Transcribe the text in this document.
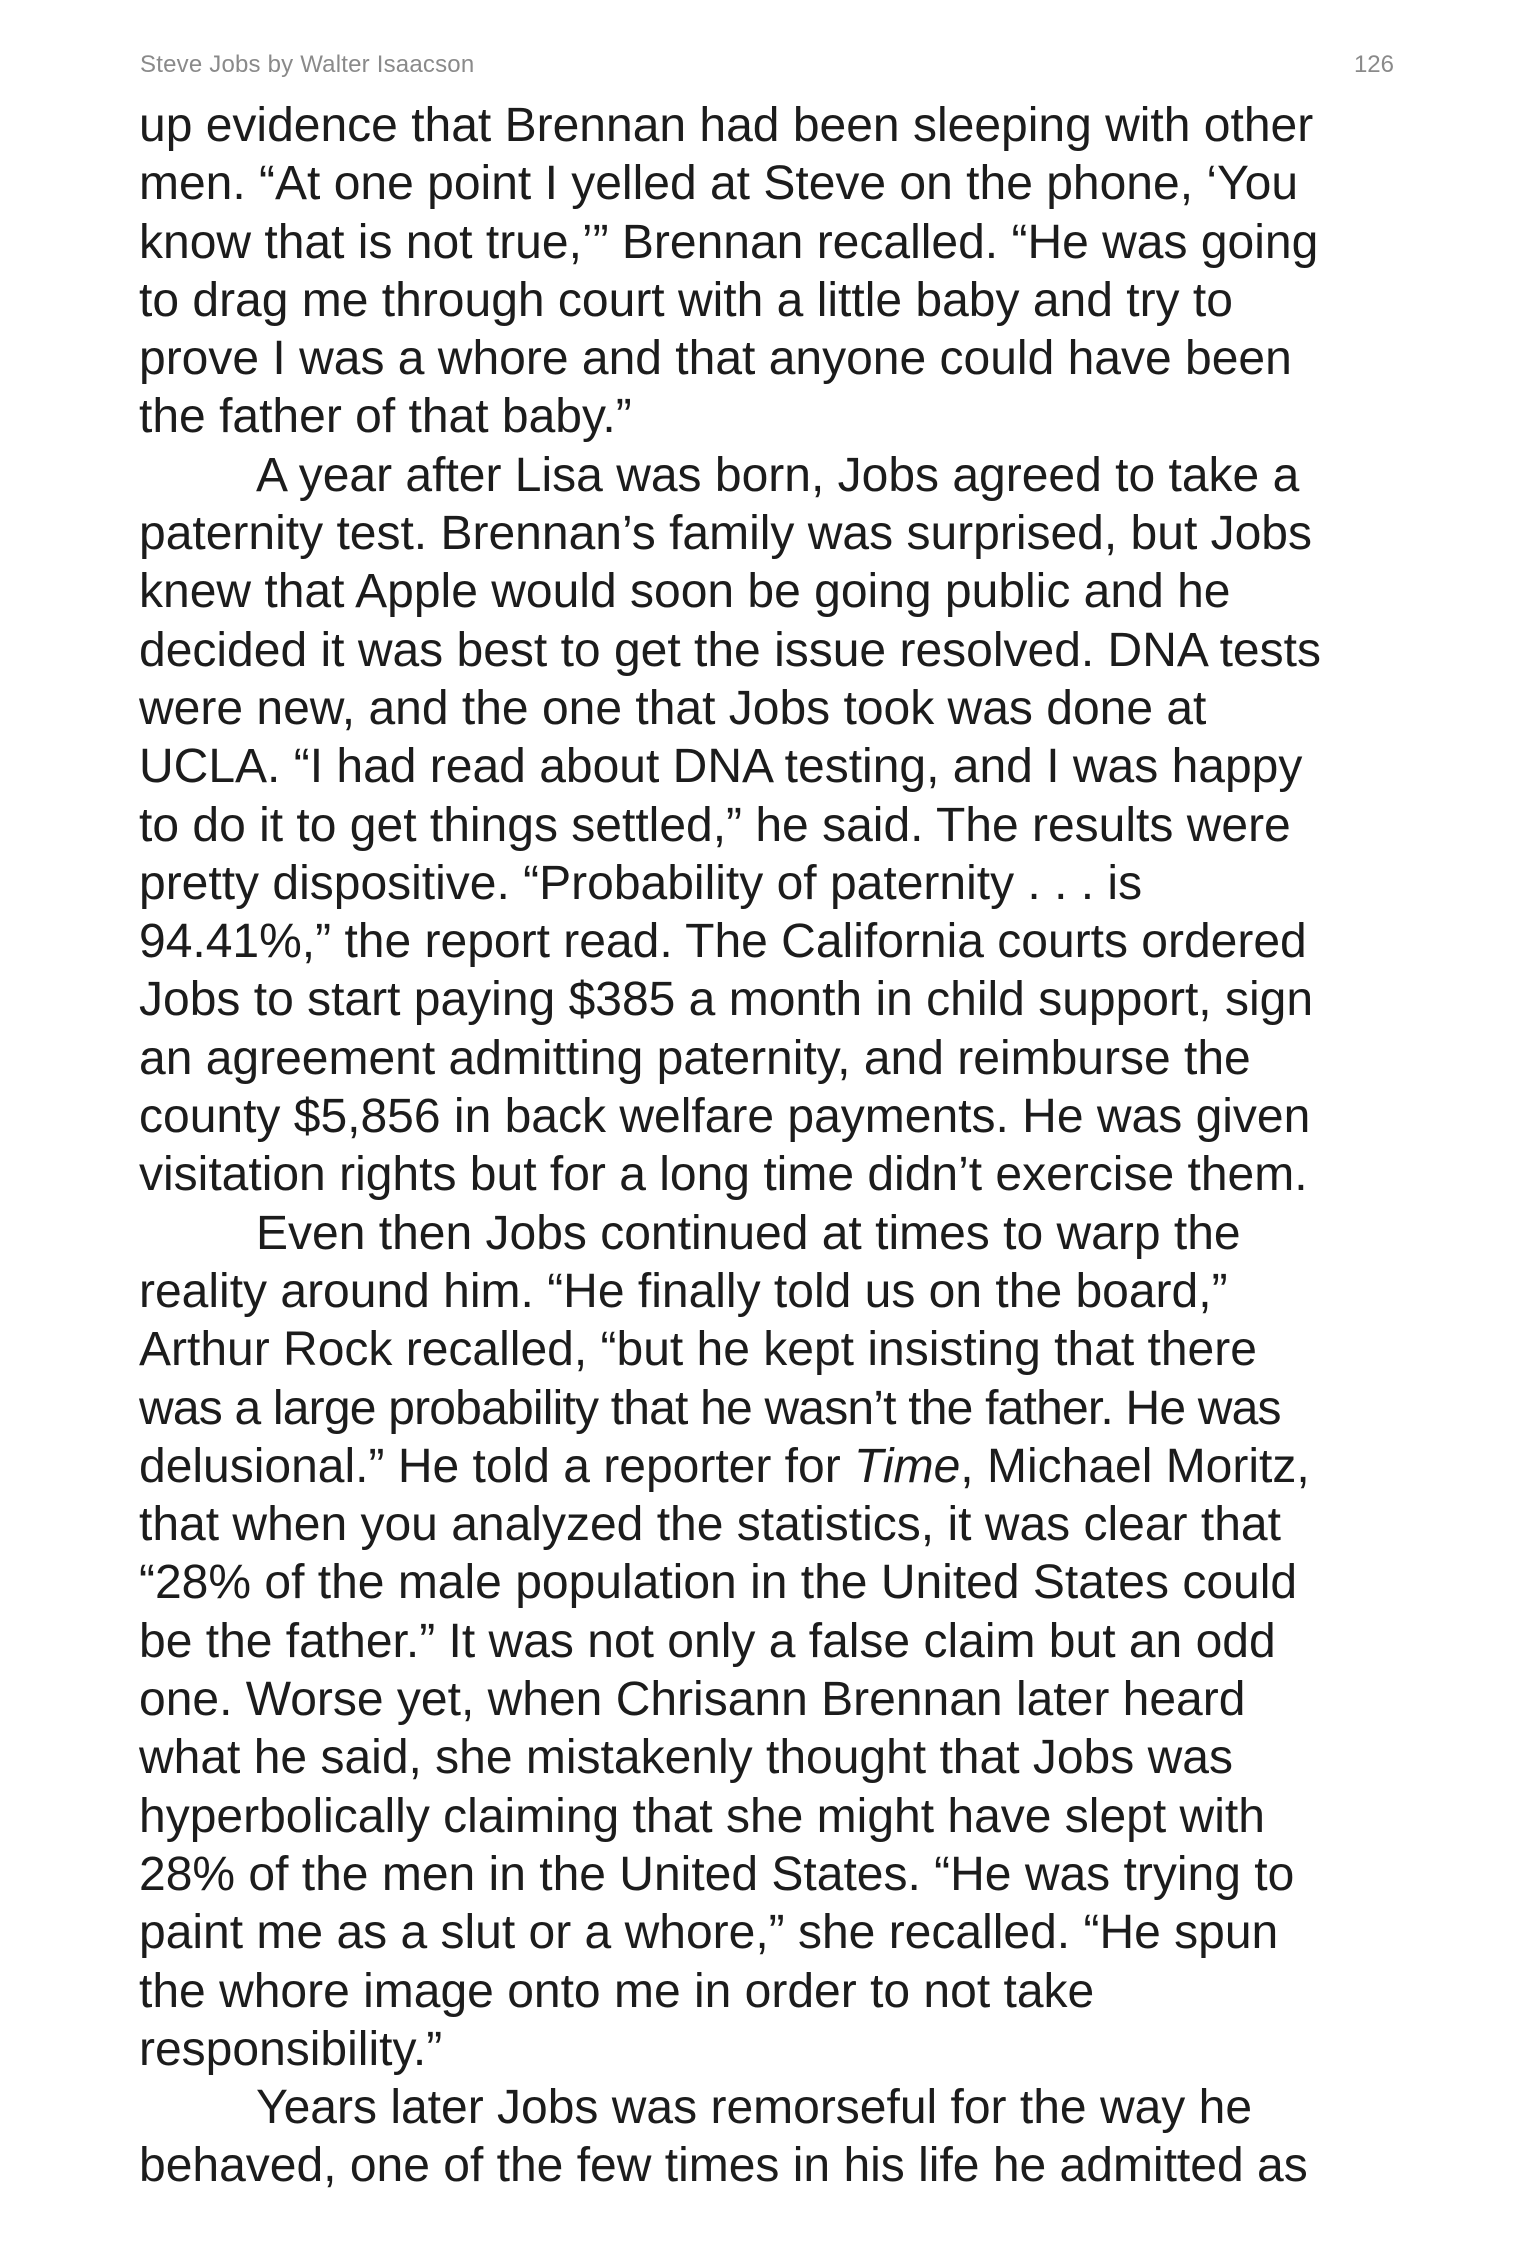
Steve Jobs by Walter Isaacson	126
up evidence that Brennan had been sleeping with other
men. “At one point I yelled at Steve on the phone, ‘You
know that is not true,’” Brennan recalled. “He was going
to drag me through court with a little baby and try to
prove I was a whore and that anyone could have been
the father of that baby.”
A year after Lisa was born, Jobs agreed to take a
paternity test. Brennan’s family was surprised, but Jobs
knew that Apple would soon be going public and he
decided it was best to get the issue resolved. DNA tests
were new, and the one that Jobs took was done at
UCLA. “I had read about DNA testing, and I was happy
to do it to get things settled,” he said. The results were
pretty dispositive. “Probability of paternity . . . is
94.41%,” the report read. The California courts ordered
Jobs to start paying $385 a month in child support, sign
an agreement admitting paternity, and reimburse the
county $5,856 in back welfare payments. He was given
visitation rights but for a long time didn’t exercise them.
Even then Jobs continued at times to warp the
reality around him. “He finally told us on the board,”
Arthur Rock recalled, “but he kept insisting that there
was a large probability that he wasn’t the father. He was
delusional.” He told a reporter for Time, Michael Moritz,
that when you analyzed the statistics, it was clear that
“28% of the male population in the United States could
be the father.” It was not only a false claim but an odd
one. Worse yet, when Chrisann Brennan later heard
what he said, she mistakenly thought that Jobs was
hyperbolically claiming that she might have slept with
28% of the men in the United States. “He was trying to
paint me as a slut or a whore,” she recalled. “He spun
the whore image onto me in order to not take
responsibility.”
Years later Jobs was remorseful for the way he
behaved, one of the few times in his life he admitted as
